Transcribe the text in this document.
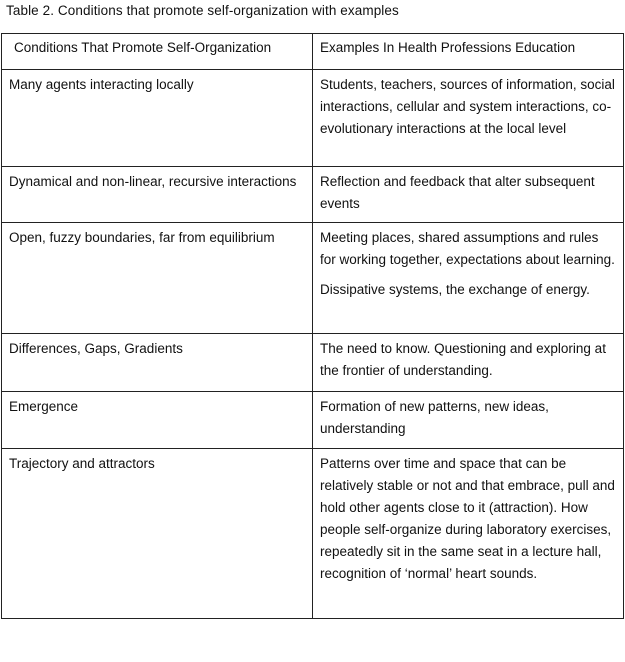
Table 2. Conditions that promote self-organization with examples
Conditions That Promote Self-Organization	Examples In Health Professions Education
Many agents interacting locally	Students, teachers, sources of information, social interactions, cellular and system interactions, co-evolutionary interactions at the local level

Dynamical and non-linear, recursive interactions	Reflection and feedback that alter subsequent events

Open, fuzzy boundaries, far from equilibrium	Meeting places, shared assumptions and rules for working together, expectations about learning.
Dissipative systems, the exchange of energy.

Differences, Gaps, Gradients	The need to know. Questioning and exploring at the frontier of understanding.

Emergence	Formation of new patterns, new ideas, understanding

Trajectory and attractors	Patterns over time and space that can be relatively stable or not and that embrace, pull and hold other agents close to it (attraction). How people self-organize during laboratory exercises, repeatedly sit in the same seat in a lecture hall, recognition of ‘normal’ heart sounds.
